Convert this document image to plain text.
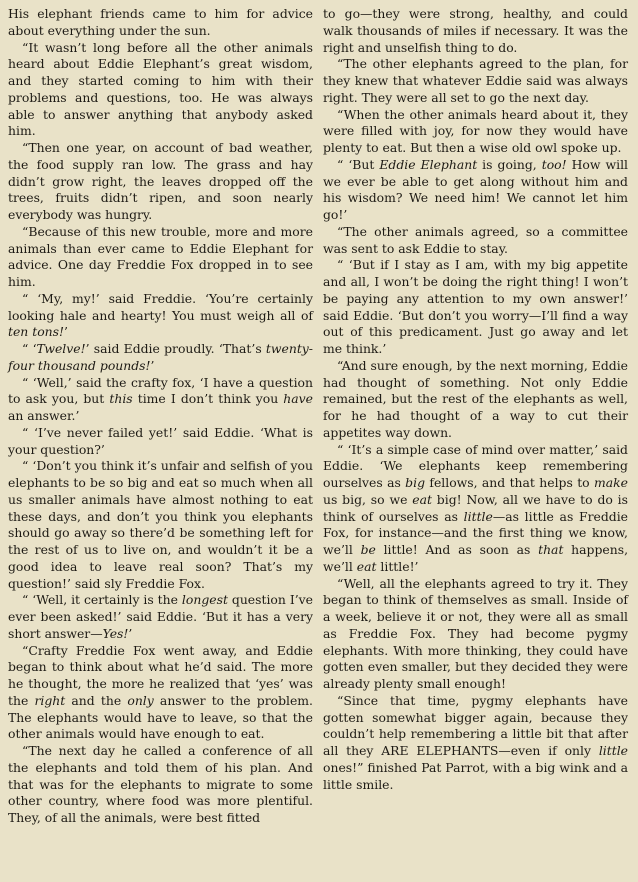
His elephant friends came to him for advice about everything under the sun.

“It wasn’t long before all the other animals heard about Eddie Elephant’s great wisdom, and they started coming to him with their problems and questions, too. He was always able to answer anything that anybody asked him.

“Then one year, on account of bad weather, the food supply ran low. The grass and hay didn’t grow right, the leaves dropped off the trees, fruits didn’t ripen, and soon nearly everybody was hungry.

“Because of this new trouble, more and more animals than ever came to Eddie Elephant for advice. One day Freddie Fox dropped in to see him.

“ ‘My, my!’ said Freddie. ‘You’re certainly looking hale and hearty! You must weigh all of ten tons!’

“ ‘Twelve!’ said Eddie proudly. ‘That’s twenty-four thousand pounds!’

“ ‘Well,’ said the crafty fox, ‘I have a question to ask you, but this time I don’t think you have an answer.’

“ ‘I’ve never failed yet!’ said Eddie. ‘What is your question?’

“ ‘Don’t you think it’s unfair and selfish of you elephants to be so big and eat so much when all us smaller animals have almost nothing to eat these days, and don’t you think you elephants should go away so there’d be something left for the rest of us to live on, and wouldn’t it be a good idea to leave real soon? That’s my question!’ said sly Freddie Fox.

“ ‘Well, it certainly is the longest question I’ve ever been asked!’ said Eddie. ‘But it has a very short answer—Yes!’

“Crafty Freddie Fox went away, and Eddie began to think about what he’d said. The more he thought, the more he realized that ‘yes’ was the right and the only answer to the problem. The elephants would have to leave, so that the other animals would have enough to eat.

“The next day he called a conference of all the elephants and told them of his plan. And that was for the elephants to migrate to some other country, where food was more plentiful. They, of all the animals, were best fitted

to go—they were strong, healthy, and could walk thousands of miles if necessary. It was the right and unselfish thing to do.

“The other elephants agreed to the plan, for they knew that whatever Eddie said was always right. They were all set to go the next day.

“When the other animals heard about it, they were filled with joy, for now they would have plenty to eat. But then a wise old owl spoke up.

“ ‘But Eddie Elephant is going, too! How will we ever be able to get along without him and his wisdom? We need him! We cannot let him go!’

“The other animals agreed, so a committee was sent to ask Eddie to stay.

“ ‘But if I stay as I am, with my big appetite and all, I won’t be doing the right thing! I won’t be paying any attention to my own answer!’ said Eddie. ‘But don’t you worry—I’ll find a way out of this predicament. Just go away and let me think.’

“And sure enough, by the next morning, Eddie had thought of something. Not only Eddie remained, but the rest of the elephants as well, for he had thought of a way to cut their appetites way down.

“ ‘It’s a simple case of mind over matter,’ said Eddie. ‘We elephants keep remembering ourselves as big fellows, and that helps to make us big, so we eat big! Now, all we have to do is think of ourselves as little—as little as Freddie Fox, for instance—and the first thing we know, we’ll be little! And as soon as that happens, we’ll eat little!’

“Well, all the elephants agreed to try it. They began to think of themselves as small. Inside of a week, believe it or not, they were all as small as Freddie Fox. They had become pygmy elephants. With more thinking, they could have gotten even smaller, but they decided they were already plenty small enough!

“Since that time, pygmy elephants have gotten somewhat bigger again, because they couldn’t help remembering a little bit that after all they ARE ELEPHANTS—even if only little ones!” finished Pat Parrot, with a big wink and a little smile.
